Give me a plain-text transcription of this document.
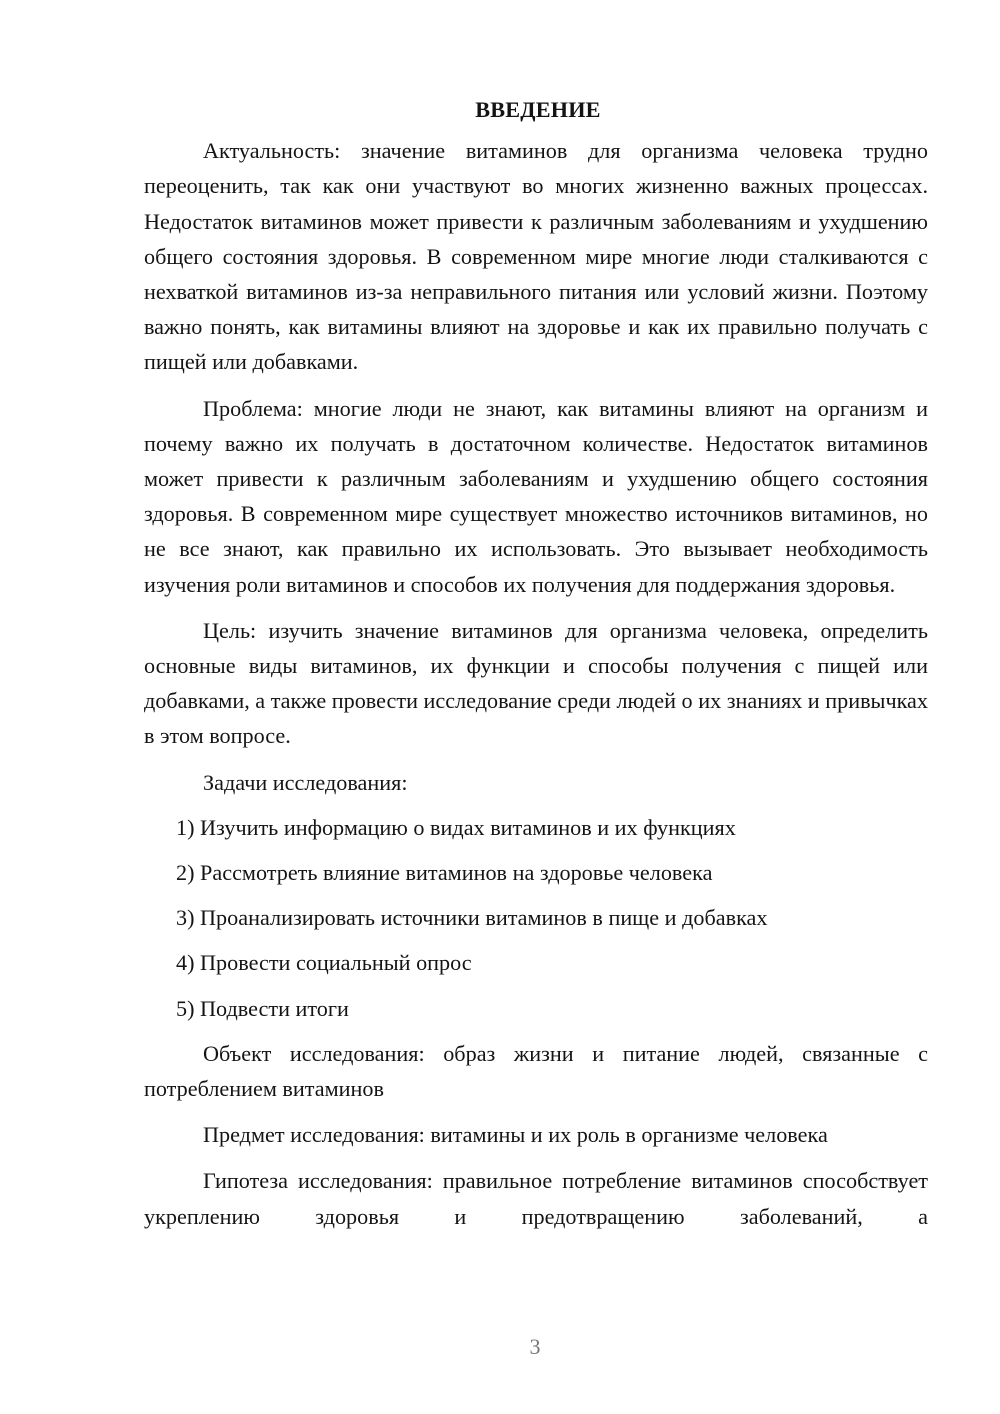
ВВЕДЕНИЕ

Актуальность: значение витаминов для организма человека трудно переоценить, так как они участвуют во многих жизненно важных процессах. Недостаток витаминов может привести к различным заболеваниям и ухудшению общего состояния здоровья. В современном мире многие люди сталкиваются с нехваткой витаминов из-за неправильного питания или условий жизни. Поэтому важно понять, как витамины влияют на здоровье и как их правильно получать с пищей или добавками.

Проблема: многие люди не знают, как витамины влияют на организм и почему важно их получать в достаточном количестве. Недостаток витаминов может привести к различным заболеваниям и ухудшению общего состояния здоровья. В современном мире существует множество источников витаминов, но не все знают, как правильно их использовать. Это вызывает необходимость изучения роли витаминов и способов их получения для поддержания здоровья.

Цель: изучить значение витаминов для организма человека, определить основные виды витаминов, их функции и способы получения с пищей или добавками, а также провести исследование среди людей о их знаниях и привычках в этом вопросе.

Задачи исследования:
1) Изучить информацию о видах витаминов и их функциях
2) Рассмотреть влияние витаминов на здоровье человека
3) Проанализировать источники витаминов в пище и добавках
4) Провести социальный опрос
5) Подвести итоги

Объект исследования: образ жизни и питание людей, связанные с потреблением витаминов

Предмет исследования: витамины и их роль в организме человека

Гипотеза исследования: правильное потребление витаминов способствует укреплению здоровья и предотвращению заболеваний, а

3
